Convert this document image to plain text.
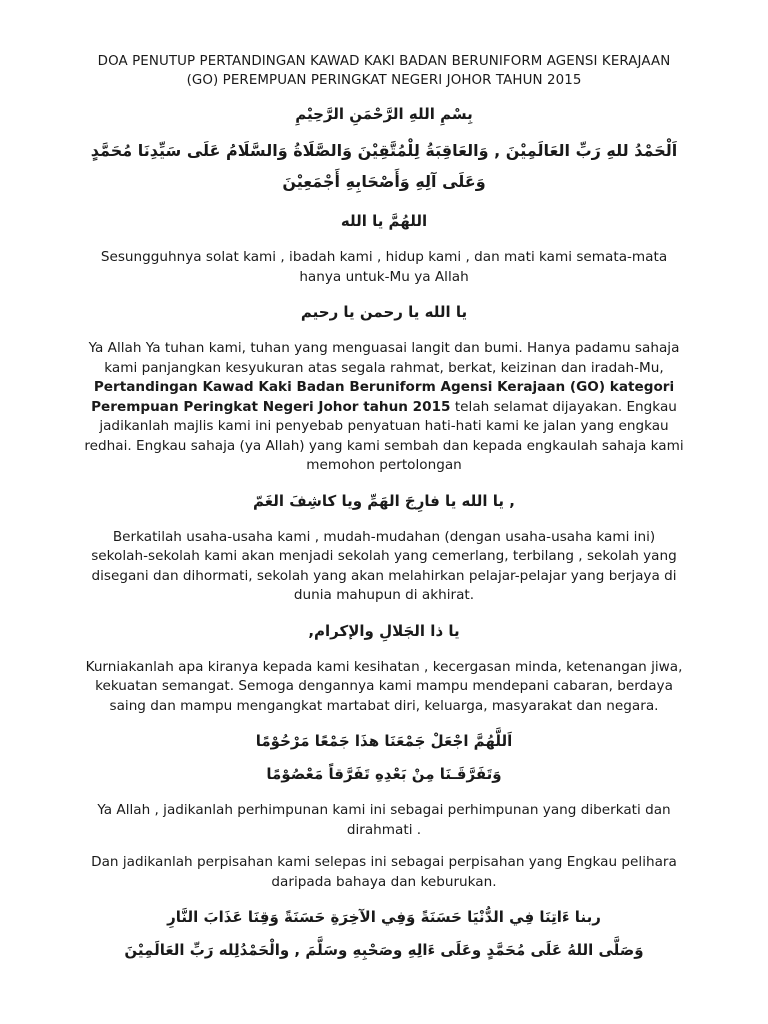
DOA PENUTUP PERTANDINGAN KAWAD KAKI BADAN BERUNIFORM AGENSI KERAJAAN (GO) PEREMPUAN PERINGKAT NEGERI JOHOR TAHUN 2015
بِسْمِ اللهِ الرَّحْمَنِ الرَّحِيْمِ
اَلْحَمْدُ للهِ رَبِّ العَالَمِيْنَ , وَالعَاقِبَةُ لِلْمُتَّقِيْنَ وَالصَّلَاةُ وَالسَّلَامُ عَلَى سَيِّدِنَا مُحَمَّدٍ وَعَلَى آلِهِ وَأَصْحَابِهِ أَجْمَعِيْنَ
اللهُمَّ يا الله

Sesungguhnya solat kami , ibadah kami , hidup kami , dan mati kami semata-mata hanya untuk-Mu ya Allah

يا الله يا رحمن يا رحيم

Ya Allah Ya tuhan kami, tuhan yang menguasai langit dan bumi. Hanya padamu sahaja kami panjangkan kesyukuran atas segala rahmat, berkat, keizinan dan iradah-Mu, Pertandingan Kawad Kaki Badan Beruniform Agensi Kerajaan (GO) kategori Perempuan Peringkat Negeri Johor tahun 2015 telah selamat dijayakan. Engkau jadikanlah majlis kami ini penyebab penyatuan hati-hati kami ke jalan yang engkau redhai. Engkau sahaja (ya Allah) yang kami sembah dan kepada engkaulah sahaja kami memohon pertolongan

, يا الله يا فارِجَ الهَمِّ ويا كاشِفَ الغَمّ

Berkatilah usaha-usaha kami , mudah-mudahan (dengan usaha-usaha kami ini) sekolah-sekolah kami akan menjadi sekolah yang cemerlang, terbilang , sekolah yang disegani dan dihormati, sekolah yang akan melahirkan pelajar-pelajar yang berjaya di dunia mahupun di akhirat.

يا ذا الجَلالِ والإكرام,

Kurniakanlah apa kiranya kepada kami kesihatan , kecergasan minda, ketenangan jiwa, kekuatan semangat. Semoga dengannya kami mampu mendepani cabaran, berdaya saing dan mampu mengangkat martabat diri, keluarga, masyarakat dan negara.

اَللَّهُمَّ اجْعَلْ جَمْعَنَا هذَا جَمْعًا مَرْحُوْمًا
وَتَفَرَّقَـنَا مِنْ بَعْدِهِ تَفَرَّقاً مَعْصُوْمًا

Ya Allah , jadikanlah perhimpunan kami ini sebagai perhimpunan yang diberkati dan dirahmati .

Dan jadikanlah perpisahan kami selepas ini sebagai perpisahan yang Engkau pelihara daripada bahaya dan keburukan.

ربنا ءَاتِنَا فِي الدُّنْيَا حَسَنَةً وَفِي الآخِرَةِ حَسَنَةً وَقِنَا عَذَابَ النَّارِ
وَصَلَّى اللهُ عَلَى مُحَمَّدٍ وعَلَى ءَالِهِ وصَحْبِهِ وسَلَّمَ , والْحَمْدُلِله رَبِّ العَالَمِيْنَ
